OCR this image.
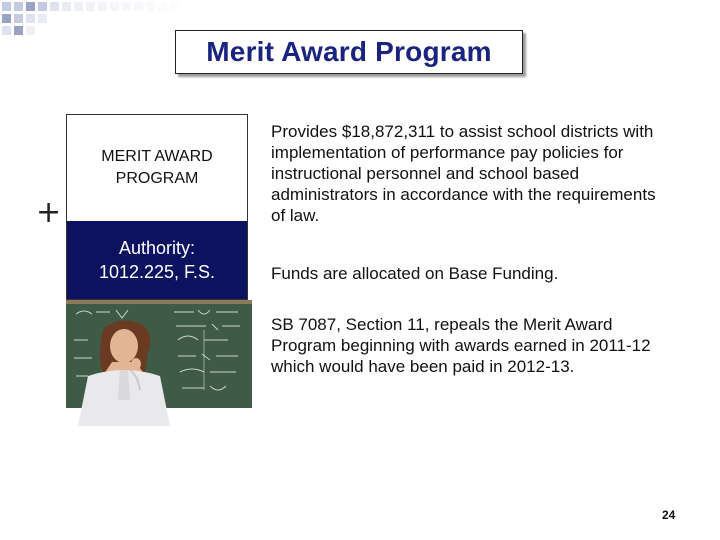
Merit Award Program
+
MERIT AWARD
PROGRAM
Authority:
1012.225, F.S.

Provides $18,872,311 to assist school districts with implementation of performance pay policies for instructional personnel and school based administrators in accordance with the requirements of law.

Funds are allocated on Base Funding.

SB 7087, Section 11, repeals the Merit Award Program beginning with awards earned in 2011-12 which would have been paid in 2012-13.

24
